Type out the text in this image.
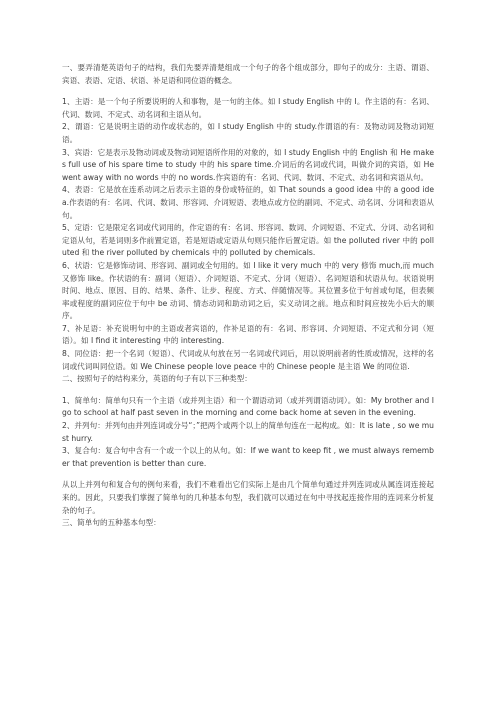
一、要弄清楚英语句子的结构，我们先要弄清楚组成一个句子的各个组成部分，即句子的成分：主语、谓语、宾语、表语、定语、状语、补足语和同位语的概念。

1、主语：是一个句子所要说明的人和事物，是一句的主体。如 I study English 中的 I。作主语的有：名词、代词、数词、不定式、动名词和主语从句。

2、谓语：它是说明主语的动作或状态的，如 I study English 中的 study.作谓语的有：及物动词及物动词短语。

3、宾语：它是表示及物动词或及物动词短语所作用的对象的，如 I study English 中的 English 和 He makes full use of his spare time to study 中的 his spare time.介词后的名词或代词，叫做介词的宾语，如 He went away with no words 中的 no words.作宾语的有：名词、代词、数词、不定式、动名词和宾语从句。

4、表语：它是放在连系动词之后表示主语的身份或特征的，如 That sounds a good idea 中的 a good idea.作表语的有：名词、代词、数词、形容词、介词短语、表地点或方位的副词、不定式、动名词、分词和表语从句。

5、定语：它是限定名词或代词用的，作定语的有：名词、形容词、数词、介词短语、不定式、分词、动名词和定语从句，若是词则多作前置定语，若是短语或定语从句则只能作后置定语。如 the polluted river 中的 polluted 和 the river polluted by chemicals 中的 polluted by chemicals.

6、状语：它是修饰动词、形容词、副词或全句用的。如 I like it very much 中的 very 修饰 much,而 much 又修饰 like。作状语的有：副词（短语）、介词短语、不定式、分词（短语）、名词短语和状语从句。状语说明时间、地点、原因、目的、结果、条件、让步、程度、方式、伴随情况等。其位置多位于句首或句尾，但表频率或程度的副词应位于句中 be 动词、情态动词和助动词之后，实义动词之前。地点和时间应按先小后大的顺序。

7、补足语：补充说明句中的主语或者宾语的，作补足语的有：名词、形容词、介词短语、不定式和分词（短语）。如 I find it interesting 中的 interesting.

8、同位语：把一个名词（短语）、代词或从句放在另一名词或代词后，用以说明前者的性质或情况，这样的名词或代词叫同位语。如 We Chinese people love peace 中的 Chinese people 是主语 We 的同位语.

二、按照句子的结构来分，英语的句子有以下三种类型：

1、简单句：简单句只有一个主语（或并列主语）和一个谓语动词（或并列谓语动词）。如：My brother and I go to school at half past seven in the morning and come back home at seven in the evening.

2、并列句：并列句由并列连词或分号“；”把两个或两个以上的简单句连在一起构成。如：It is late , so we must hurry.

3、复合句：复合句中含有一个或一个以上的从句。如：If we want to keep fit , we must always remember that prevention is better than cure.

从以上并列句和复合句的例句来看，我们不难看出它们实际上是由几个简单句通过并列连词或从属连词连接起来的。因此，只要我们掌握了简单句的几种基本句型，我们就可以通过在句中寻找起连接作用的连词来分析复杂的句子。

三、简单句的五种基本句型：
